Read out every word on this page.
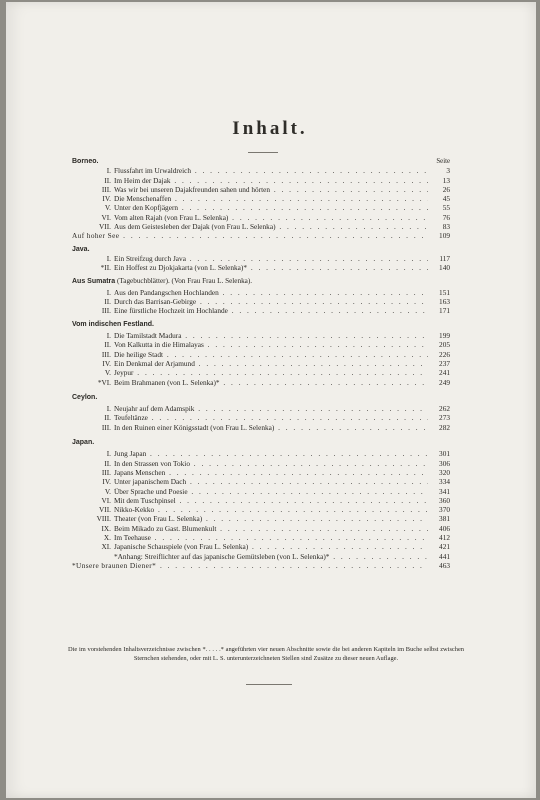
Inhalt.
Seite
Borneo.
I. Flussfahrt im Urwaldreich . . .	3
II. Im Heim der Dajak . . .	13
III. Was wir bei unseren Dajakfreunden sahen und hörten . . .	26
IV. Die Menschenaffen . . .	45
V. Unter den Kopfjägern . . .	55
VI. Vom alten Rajah (von Frau L. Selenka) . . .	76
VII. Aus dem Geistesleben der Dajak (von Frau L. Selenka) . . .	83
Auf hoher See . . .	109
Java.
I. Ein Streifzug durch Java . . .	117
*II. Ein Hoffest zu Djokjakarta (von L. Selenka)* . . .	140
Aus Sumatra (Tagebuchblätter). (Von Frau Frau L. Selenka).
I. Aus den Pandangschen Hochlanden . . .	151
II. Durch das Barrisan-Gebirge . . .	163
III. Eine fürstliche Hochzeit im Hochlande . . .	171
Vom indischen Festland.
I. Die Tamilstadt Madura . . .	199
II. Von Kalkutta in die Himalayas . . .	205
III. Die heilige Stadt . . .	226
IV. Ein Denkmal der Arjamund . . .	237
V. Jeypur . . .	241
*VI. Beim Brahmanen (von L. Selenka)* . . .	249
Ceylon.
I. Neujahr auf dem Adamspik . . .	262
II. Teufeltänze . . .	273
III. In den Ruinen einer Königsstadt (von Frau L. Selenka) . . .	282
Japan.
I. Jung Japan . . .	301
II. In den Strassen von Tokio . . .	306
III. Japans Menschen . . .	320
IV. Unter japanischem Dach . . .	334
V. Über Sprache und Poesie . . .	341
VI. Mit dem Tuschpinsel . . .	360
VII. Nikko-Kekko . . .	370
VIII. Theater (von Frau L. Selenka) . . .	381
IX. Beim Mikado zu Gast. Blumenkult . . .	406
X. Im Teehause . . .	412
XI. Japanische Schauspiele (von Frau L. Selenka) . . .	421
*Anhang: Streiflichter auf das japanische Gemütsleben (von L. Selenka)* . . .	441
*Unsere braunen Diener* . . .	463
Die im vorstehenden Inhaltsverzeichnisse zwischen *. . . . .* angeführten vier neuen Abschnitte sowie die bei anderen Kapiteln im Buche selbst zwischen Sternchen stehenden, oder mit L. S. unterunterzeichneten Stellen sind Zusätze zu dieser neuen Auflage.
